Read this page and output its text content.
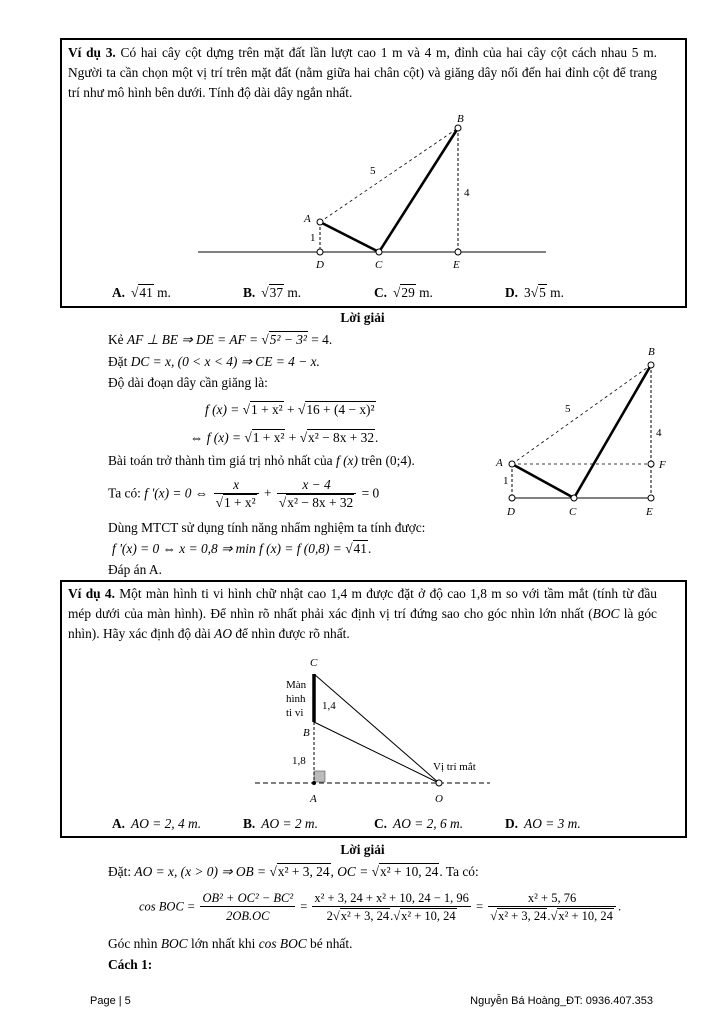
Ví dụ 3. Có hai cây cột dựng trên mặt đất lần lượt cao 1 m và 4 m, đỉnh của hai cây cột cách nhau 5 m. Người ta cần chọn một vị trí trên mặt đất (nằm giữa hai chân cột) và giăng dây nối đến hai đỉnh cột để trang trí như mô hình bên dưới. Tính độ dài dây ngắn nhất.
A
B
D	C	E
5
4
1
A. √41 m.	B. √37 m.	C. √29 m.	D. 3√5 m.
Lời giải
Kẻ AF ⊥ BE ⇒ DE = AF = √5² − 3² = 4.
Đặt DC = x, (0 < x < 4) ⇒ CE = 4 − x.
Độ dài đoạn dây cần giăng là:
f (x) = √1 + x² + √16 + (4 − x)²
⇔ f (x) = √1 + x² + √x² − 8x + 32.
Bài toán trở thành tìm giá trị nhỏ nhất của f (x) trên (0;4).
Ta có: f '(x) = 0 ⇔ $\frac{x}{\text{√1 + x²}} + \frac{x - 4}{\text{√x² − 8x + 32}} = 0$
Dùng MTCT sử dụng tính năng nhẩm nghiệm ta tính được:
f '(x) = 0 ⇔ x = 0,8 ⇒ min f (x) = f (0,8) = √41.
Đáp án A.
B
A	F
D	C	E
5
4
1
Ví dụ 4. Một màn hình ti vi hình chữ nhật cao 1,4 m được đặt ở độ cao 1,8 m so với tầm mắt (tính từ đầu mép dưới của màn hình). Để nhìn rõ nhất phải xác định vị trí đứng sao cho góc nhìn lớn nhất (BOC là góc nhìn). Hãy xác định độ dài AO để nhìn được rõ nhất.
C
B
A	O
Màn
hình
ti vi
1,4
1,8	Vị trí mắt
A. AO = 2, 4 m.	B. AO = 2 m.	C. AO = 2, 6 m.	D. AO = 3 m.
Lời giải
Đặt: AO = x, (x > 0) ⇒ OB = √x² + 3, 24, OC = √x² + 10, 24. Ta có:
cos BOC = $\frac{\text{OB² + OC² − BC²}}{2OB.OC} = \frac{\text{x² + 3, 24 + x² + 10, 24 − 1, 96}}{\text{2√x² + 3, 24.√x² + 10, 24}} = \frac{\text{x² + 5, 76}}{\text{√x² + 3, 24.√x² + 10, 24}}$ .
Góc nhìn BOC lớn nhất khi cos BOC bé nhất.
Cách 1:
Page | 5	Nguyễn Bá Hoàng_ĐT: 0936.407.353
